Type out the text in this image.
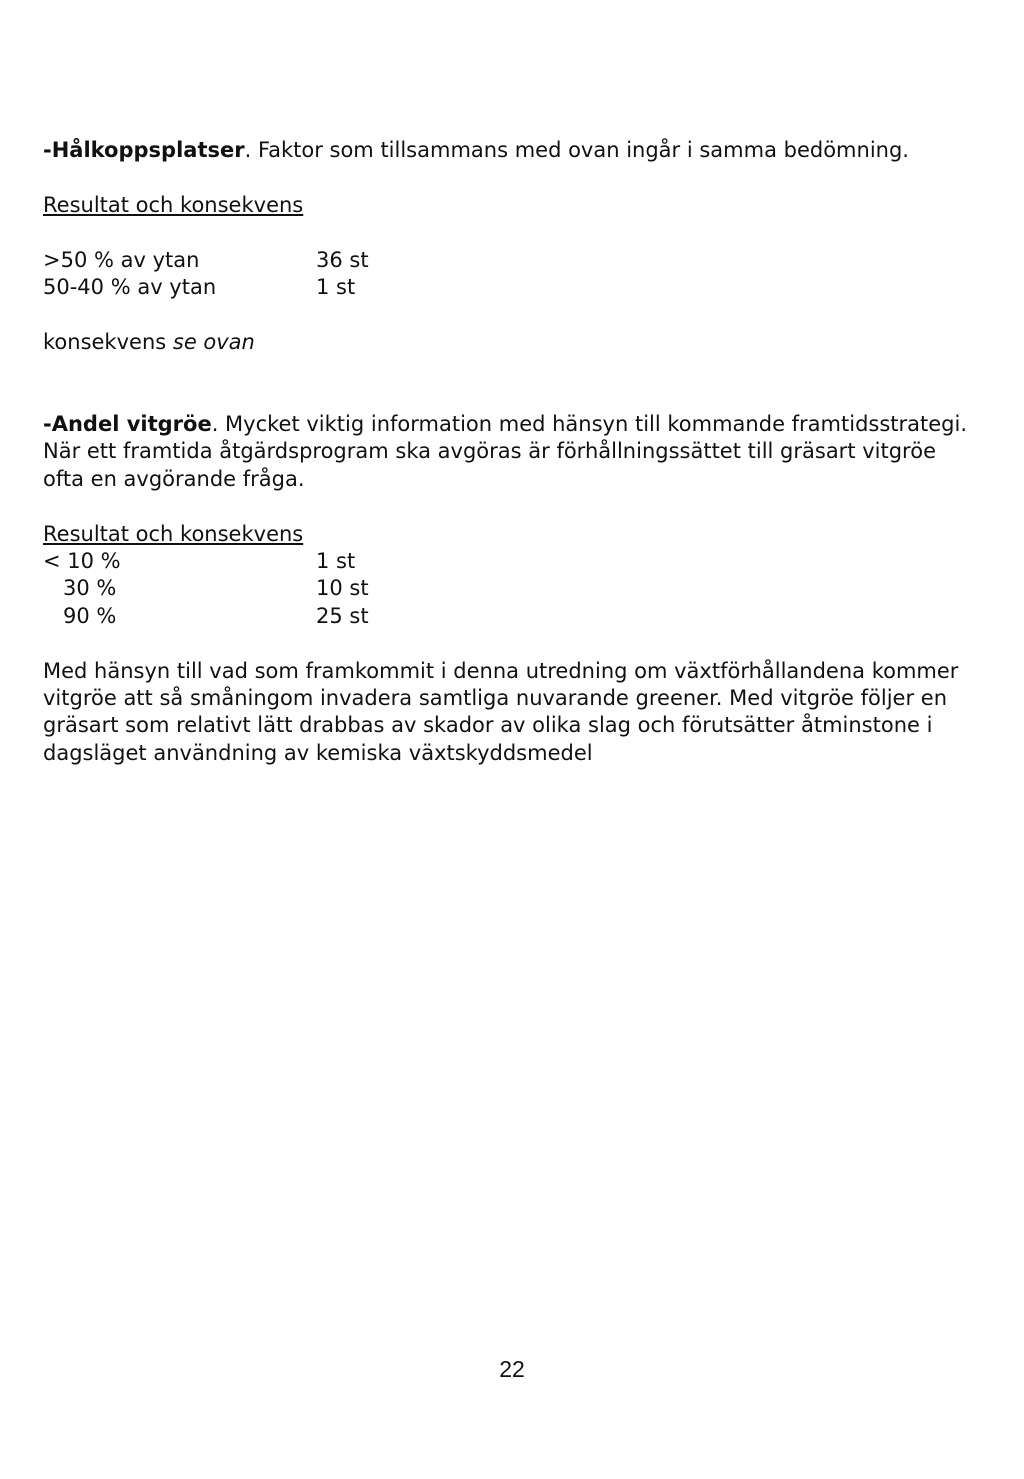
-Hålkoppsplatser. Faktor som tillsammans med ovan ingår i samma bedömning.

Resultat och konsekvens

>50 % av ytan	36 st
50-40 % av ytan	1 st

konsekvens se ovan

-Andel vitgröe. Mycket viktig information med hänsyn till kommande framtidsstrategi. När ett framtida åtgärdsprogram ska avgöras är förhållningssättet till gräsart vitgröe ofta en avgörande fråga.

Resultat och konsekvens

< 10 %	1 st
30 %	10 st
90 %	25 st

Med hänsyn till vad som framkommit i denna utredning om växtförhållandena kommer vitgröe att så småningom invadera samtliga nuvarande greener. Med vitgröe följer en gräsart som relativt lätt drabbas av skador av olika slag och förutsätter åtminstone i dagsläget användning av kemiska växtskyddsmedel

22
